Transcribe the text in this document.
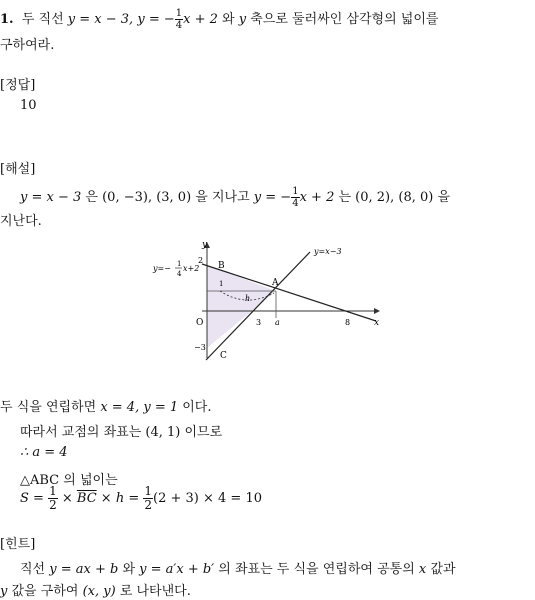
1. 두 직선 y = x − 3, y = − $\frac{1}{4}$ x + 2 와 y 축으로 둘러싸인 삼각형의 넓이를
구하여라.
[정답]
10
[해설]
y = x − 3 은 (0, −3), (3, 0) 을 지나고 y = − $\frac{1}{4}$ x + 2 는 (0, 2), (8, 0) 을
지난다.
h
1
y
x
2
B
A
O	3 a	8
−3
C
y=x−3
y=− 1
4
x+2
두 식을 연립하면 x = 4, y = 1 이다.
따라서 교점의 좌표는 (4, 1) 이므로
∴ a = 4
△ABC 의 넓이는
$S = \frac{1}{2} \times \overline{BC} \times h = \frac{1}{2} (2 + 3) \times 4 = 10$
[힌트]
직선 y = ax + b 와 y = a′x + b′ 의 좌표는 두 식을 연립하여 공통의 x 값과
y 값을 구하여 (x, y) 로 나타낸다.
